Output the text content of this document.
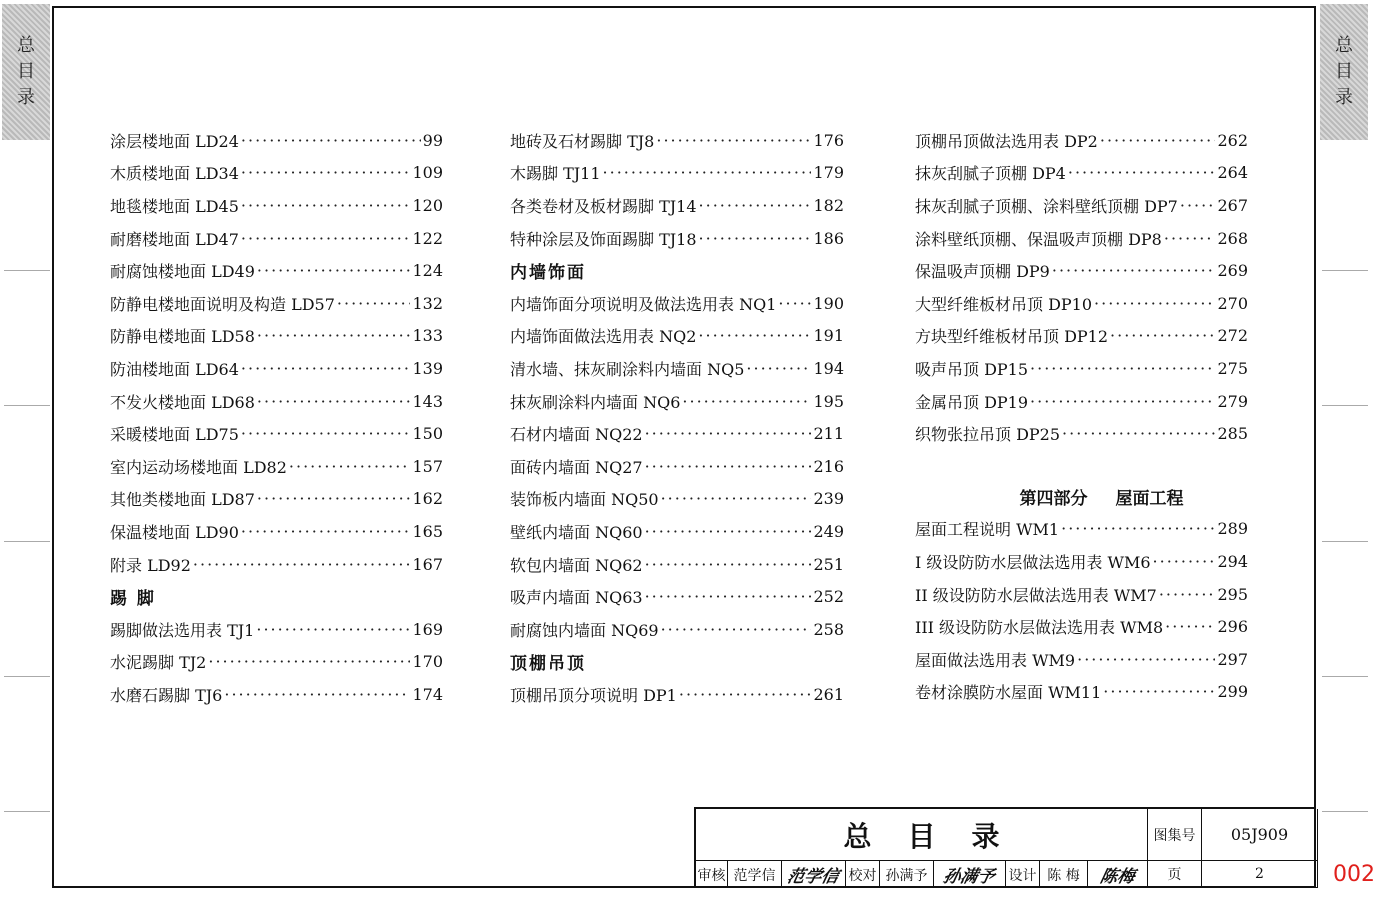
总
目
录
总
目
录
涂层楼地面 LD24 ·····	99
木质楼地面 LD34 ·····	109
地毯楼地面 LD45 ·····	120
耐磨楼地面 LD47 ·····	122
耐腐蚀楼地面 LD49 ·····	124
防静电楼地面说明及构造 LD57 ·····	132
防静电楼地面 LD58 ·····	133
防油楼地面 LD64 ·····	139
不发火楼地面 LD68 ·····	143
采暖楼地面 LD75 ·····	150
室内运动场楼地面 LD82 ·····	157
其他类楼地面 LD87 ·····	162
保温楼地面 LD90 ·····	165
附录 LD92 ·····	167
踢 脚
踢脚做法选用表 TJ1 ·····	169
水泥踢脚 TJ2 ·····	170
水磨石踢脚 TJ6 ·····	174
地砖及石材踢脚 TJ8 ·····	176
木踢脚 TJ11 ·····	179
各类卷材及板材踢脚 TJ14 ·····	182
特种涂层及饰面踢脚 TJ18 ·····	186
内墙饰面
内墙饰面分项说明及做法选用表 NQ1 ····· 190
内墙饰面做法选用表 NQ2 ·····	191
清水墙、抹灰刷涂料内墙面 NQ5 ·····	194
抹灰刷涂料内墙面 NQ6 ·····	195
石材内墙面 NQ22 ·····	211
面砖内墙面 NQ27 ·····	216
装饰板内墙面 NQ50 ·····	239
壁纸内墙面 NQ60 ·····	249
软包内墙面 NQ62 ·····	251
吸声内墙面 NQ63 ·····	252
耐腐蚀内墙面 NQ69 ·····	258
顶棚吊顶
顶棚吊顶分项说明 DP1 ·····	261
顶棚吊顶做法选用表 DP2 ·····	262
抹灰刮腻子顶棚 DP4 ·····	264
抹灰刮腻子顶棚、涂料壁纸顶棚 DP7 ····· 267
涂料壁纸顶棚、保温吸声顶棚 DP8 ·····	268
保温吸声顶棚 DP9 ·····	269
大型纤维板材吊顶 DP10 ·····	270
方块型纤维板材吊顶 DP12 ·····	272
吸声吊顶 DP15 ·····	275
金属吊顶 DP19 ·····	279
织物张拉吊顶 DP25 ·····	285
第四部分 屋面工程
屋面工程说明 WM1 ·····	289
I 级设防防水层做法选用表 WM6 ·····	294
II 级设防防水层做法选用表 WM7 ·····	295
III 级设防防水层做法选用表 WM8 ·····	296
屋面做法选用表 WM9 ·····	297
卷材涂膜防水屋面 WM11 ·····	299
总目录	图集号	05J909
页	2
审核 范学信 范学信 校对 孙满予 孙满予 设计 陈 梅	陈梅	002
